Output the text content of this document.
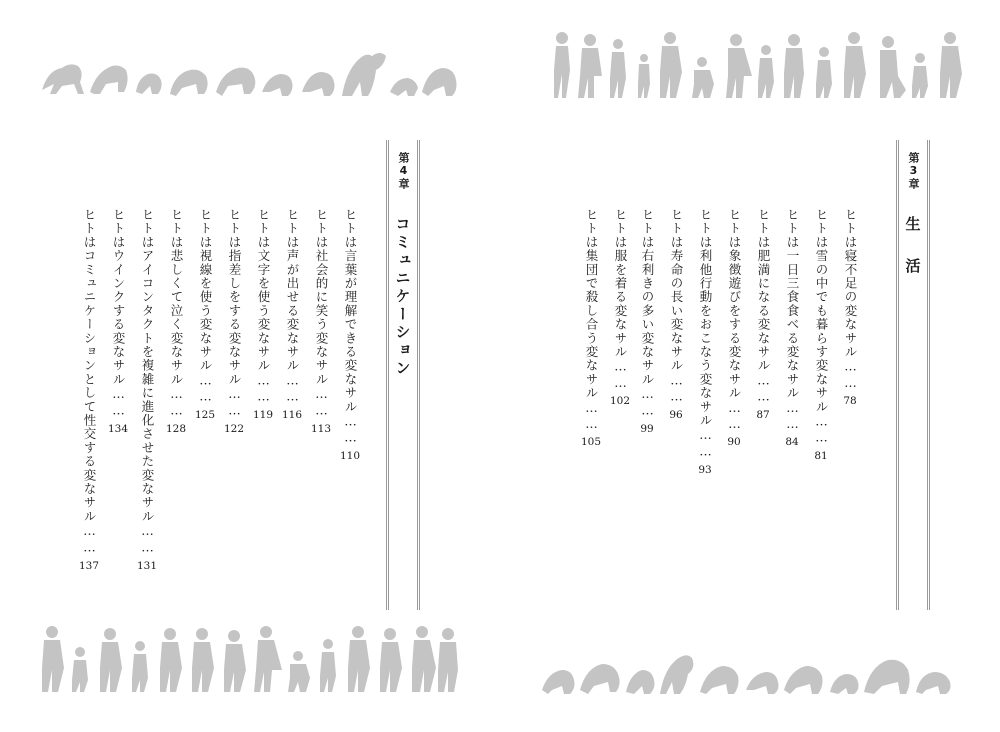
第4章
コミュニケーション
ヒトは言葉が理解できる変なサル……110
ヒトは社会的に笑う変なサル……113
ヒトは声が出せる変なサル……116
ヒトは文字を使う変なサル……119
ヒトは指差しをする変なサル……122
ヒトは視線を使う変なサル……125
ヒトは悲しくて泣く変なサル……128
ヒトはアイコンタクトを複雑に進化させた変なサル……131
ヒトはウインクする変なサル……134
ヒトはコミュニケーションとして性交する変なサル……137
第3章
生　活
ヒトは寝不足の変なサル……78
ヒトは雪の中でも暮らす変なサル……81
ヒトは一日三食食べる変なサル……84
ヒトは肥満になる変なサル……87
ヒトは象徴遊びをする変なサル……90
ヒトは利他行動をおこなう変なサル……93
ヒトは寿命の長い変なサル……96
ヒトは右利きの多い変なサル……99
ヒトは服を着る変なサル……102
ヒトは集団で殺し合う変なサル……105
